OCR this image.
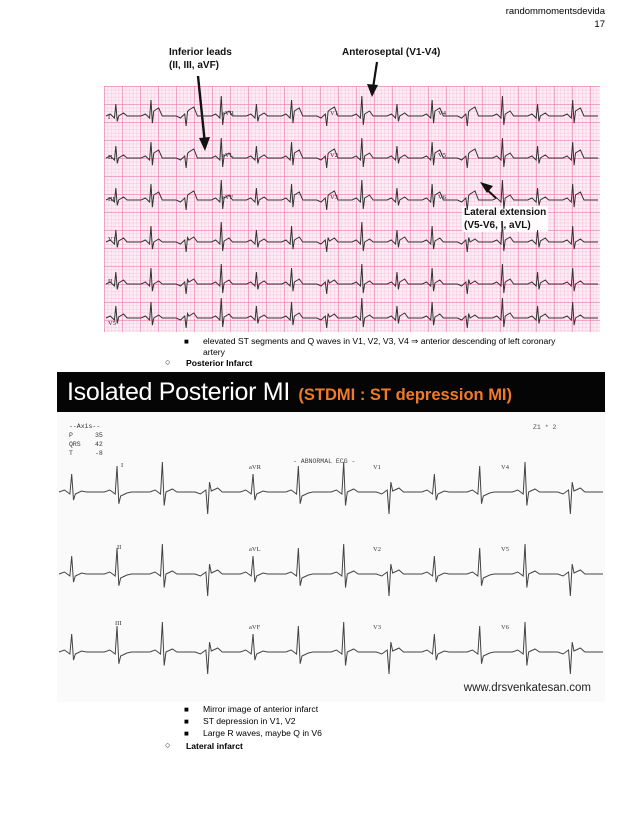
randommomentsdevida
17
Inferior leads
(II, III, aVF)
Anteroseptal (V1-V4)
Lateral extension
(V5-V6, I, aVL)
I
aVR	V1	V4
II	aVL	V2	V5
III	aVF	V3	V6
V1
II
V5
■ elevated ST segments and Q waves in V1, V2, V3, V4 ⇒ anterior descending of left coronary
artery
○ Posterior Infarct
Isolated Posterior MI (STDMI : ST depression MI)
--Axis--
P	35
QRS 42
T	-8
Z1 * 2
- ABNORMAL ECG -
I	aVR	V1	V4
II	aVL	V2	V5
III
aVF	V3	V6
www.drsvenkatesan.com
■ Mirror image of anterior infarct
■ ST depression in V1, V2
■ Large R waves, maybe Q in V6
○ Lateral infarct
